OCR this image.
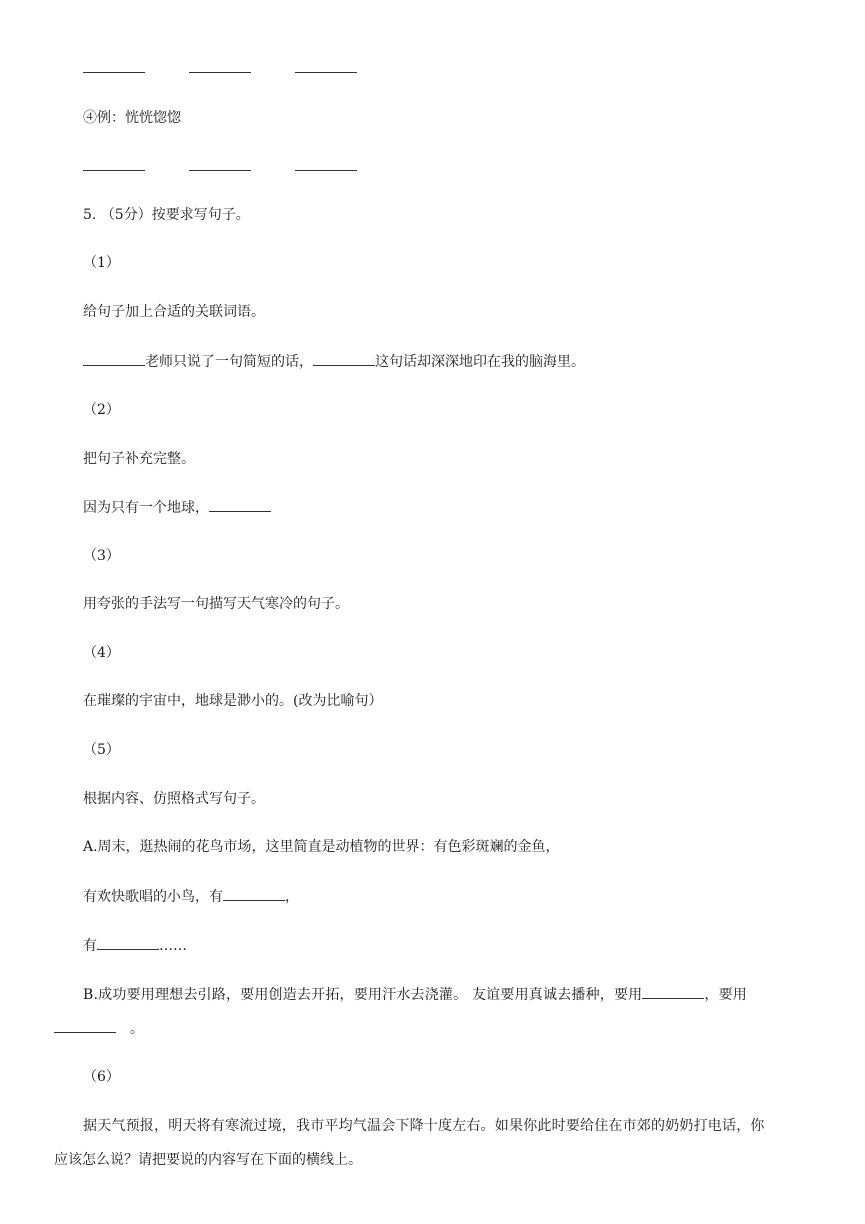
④例：恍恍惚惚
5. （5分）按要求写句子。
（1）
给句子加上合适的关联词语。
老师只说了一句简短的话，	这句话却深深地印在我的脑海里。
（2）
把句子补充完整。
因为只有一个地球，
（3）
用夸张的手法写一句描写天气寒冷的句子。
（4）
在璀璨的宇宙中，地球是渺小的。(改为比喻句）
（5）
根据内容、仿照格式写句子。
A.周末，逛热闹的花鸟市场，这里简直是动植物的世界：有色彩斑斓的金鱼，
有欢快歌唱的小鸟，有	，
有	……
B.成功要用理想去引路，要用创造去开拓，要用汗水去浇灌。 友谊要用真诚去播种，要用	，要用
。
（6）
据天气预报，明天将有寒流过境，我市平均气温会下降十度左右。如果你此时要给住在市郊的奶奶打电话，你
应该怎么说？请把要说的内容写在下面的横线上。
